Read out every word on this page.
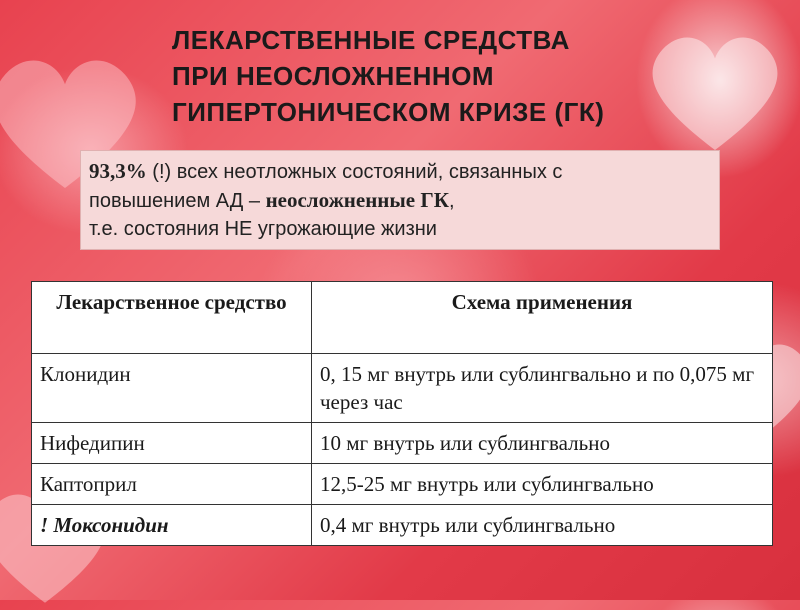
ЛЕКАРСТВЕННЫЕ СРЕДСТВА
ПРИ НЕОСЛОЖНЕННОМ
ГИПЕРТОНИЧЕСКОМ КРИЗЕ (ГК)
93,3% (!) всех неотложных состояний, связанных с
повышением АД – неосложненные ГК,
т.е. состояния НЕ угрожающие жизни
Лекарственное средство	Схема применения
Клонидин	0, 15 мг внутрь или сублингвально и по 0,075 мг через час
Нифедипин	10 мг внутрь или сублингвально
Каптоприл	12,5-25 мг внутрь или сублингвально
! Моксонидин	0,4 мг внутрь или сублингвально
